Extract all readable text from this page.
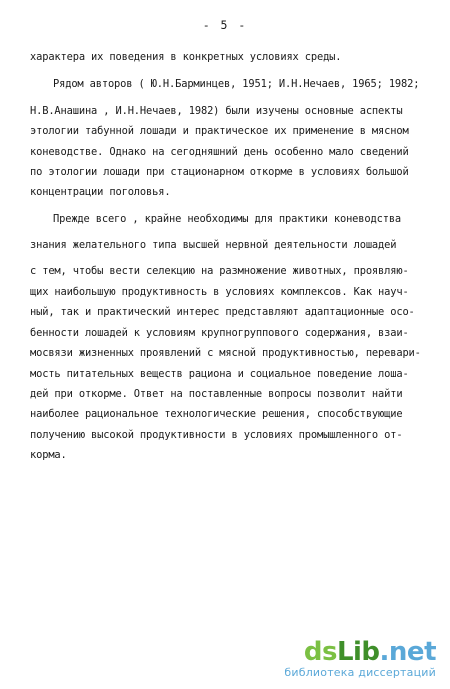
- 5 -
характера их поведения в конкретных условиях среды.
Рядом авторов ( Ю.Н.Барминцев, 1951; И.Н.Нечаев, 1965; 1982;
Н.В.Анашина , И.Н.Нечаев, 1982) были изучены основные аспекты
этологии табунной лошади и практическое их применение в мясном
коневодстве. Однако на сегодняшний день особенно мало сведений
по этологии лошади при стационарном откорме в условиях большой
концентрации поголовья.
Прежде всего , крайне необходимы для практики коневодства
знания желательного типа высшей нервной деятельности лошадей
с тем, чтобы вести селекцию на размножение животных, проявляю-
щих наибольшую продуктивность в условиях комплексов. Как науч-
ный, так и практический интерес представляют адаптационные осо-
бенности лошадей к условиям крупногруппового содержания, взаи-
мосвязи жизненных проявлений с мясной продуктивностью, перевари-
мость питательных веществ рациона и социальное поведение лоша-
дей при откорме. Ответ на поставленные вопросы позволит найти
наиболее рациональное технологические решения, способствующие
получению высокой продуктивности в условиях промышленного от-
корма.
dsLib.net
библиотека диссертаций
